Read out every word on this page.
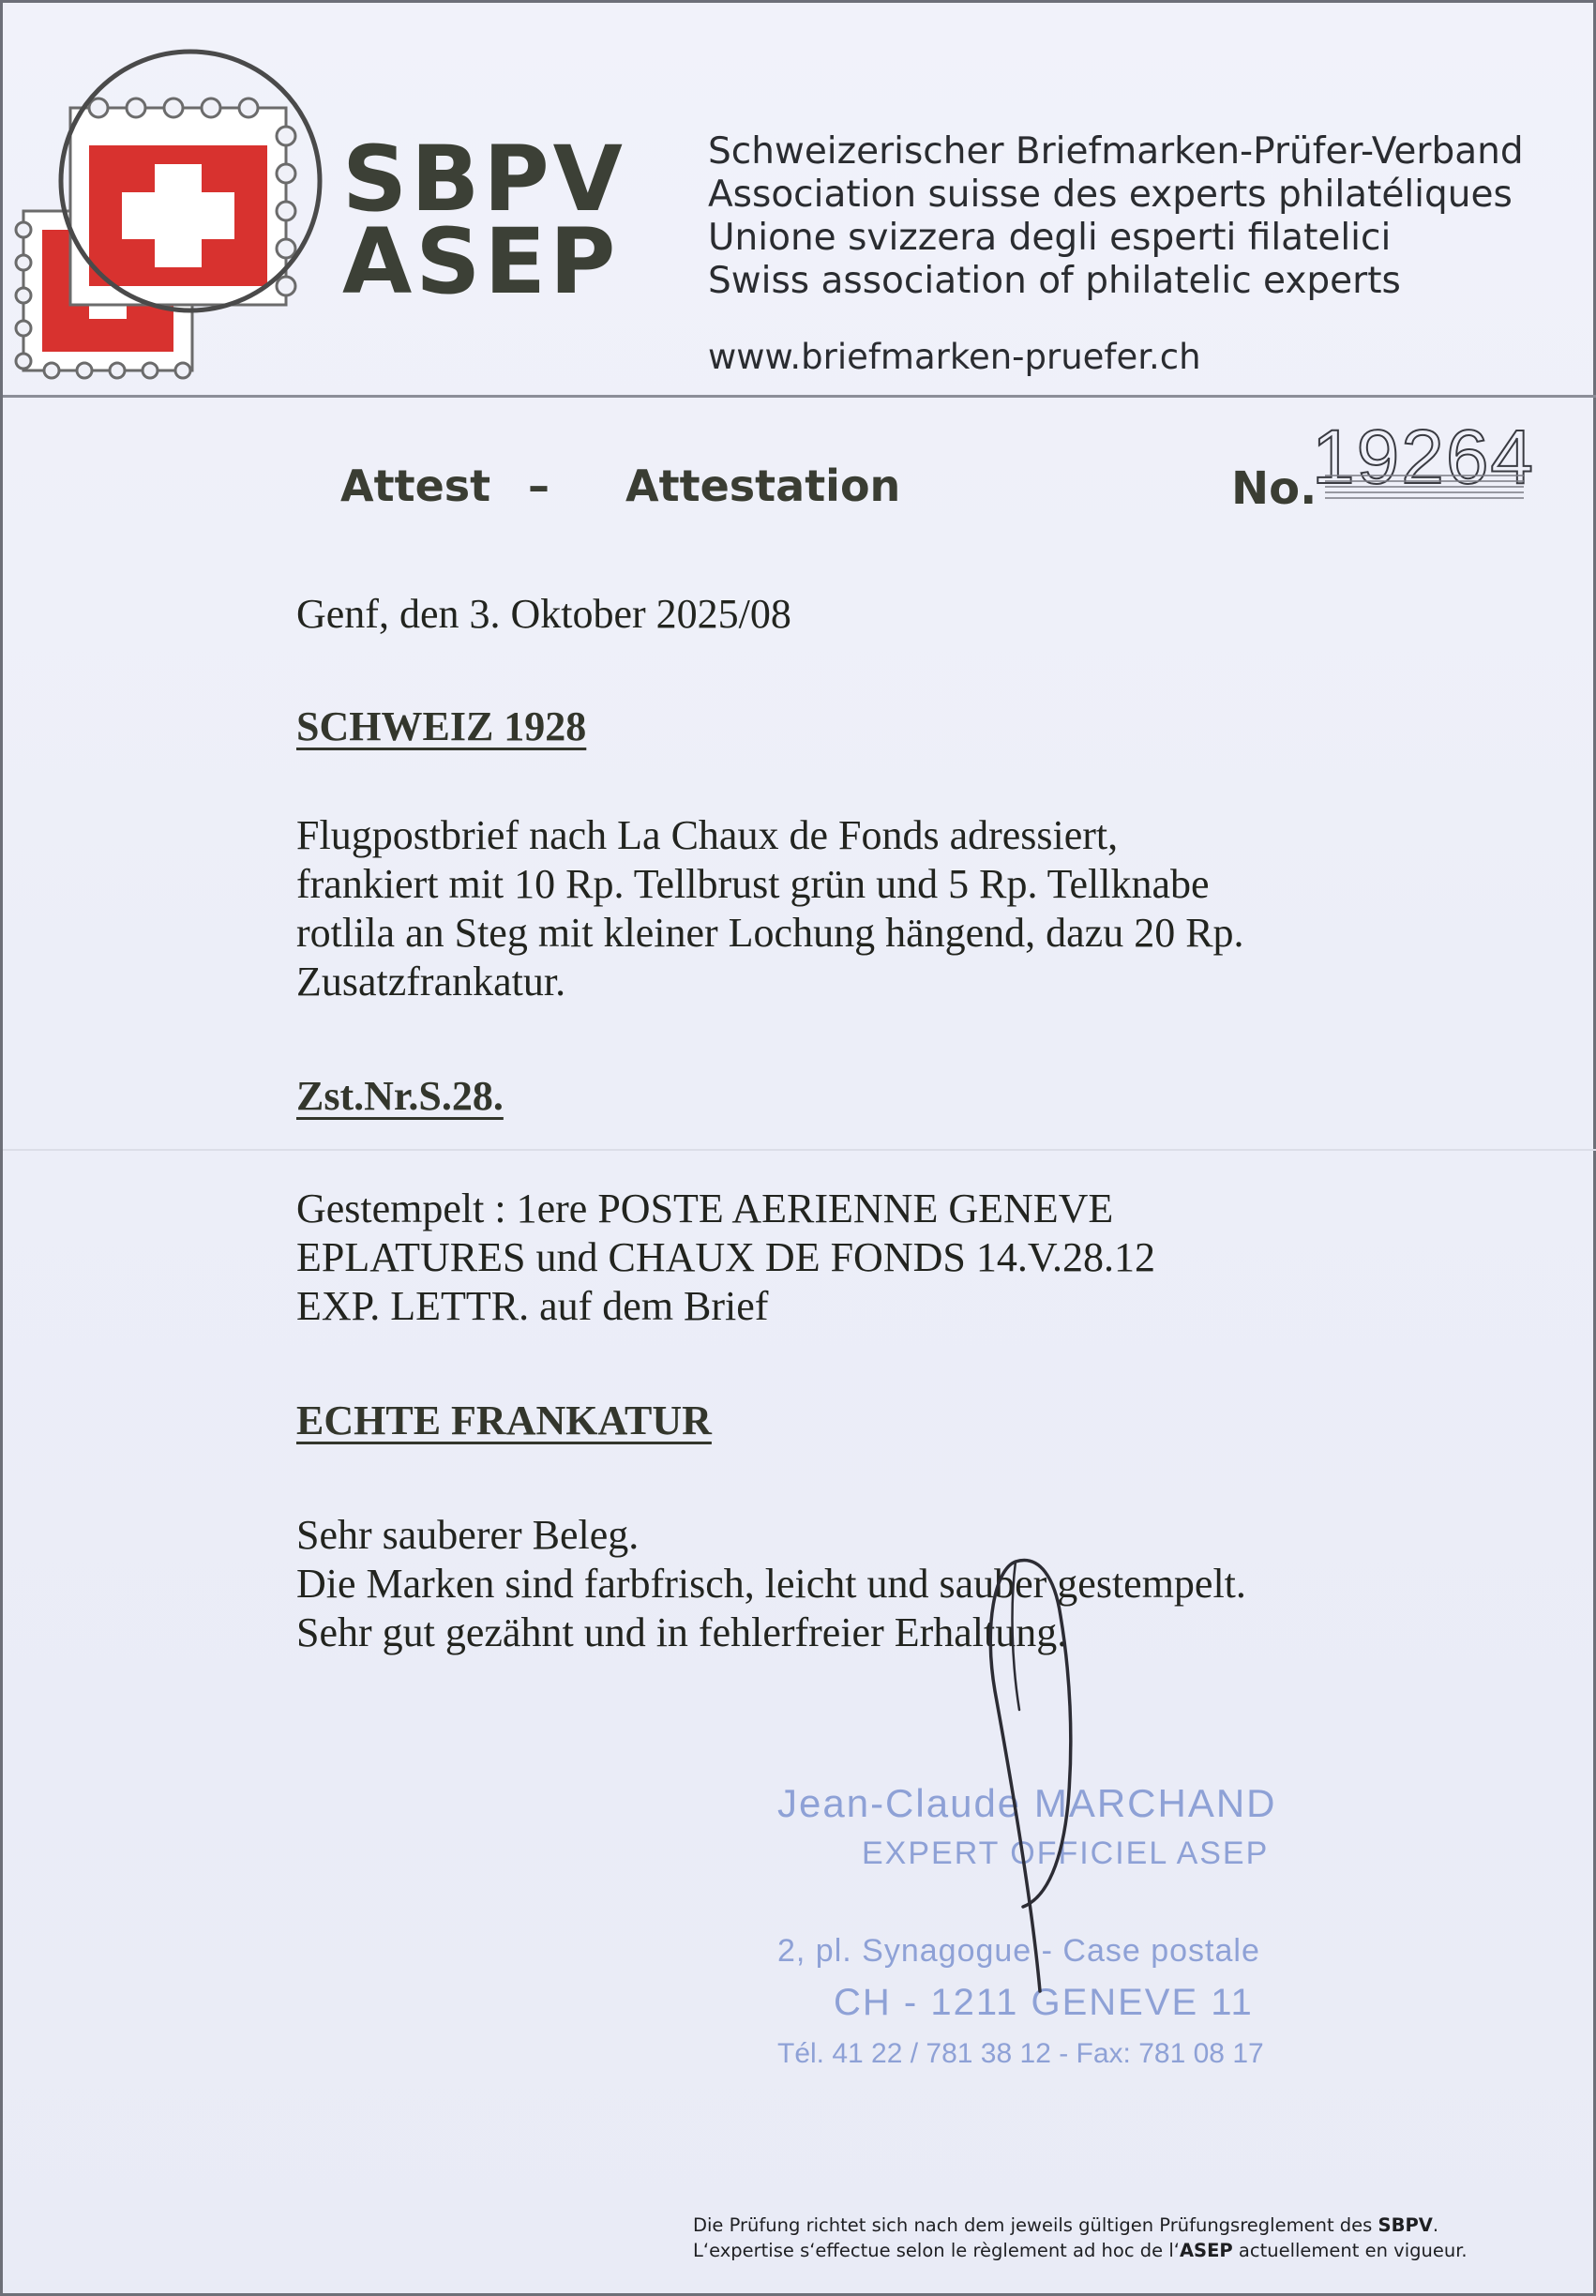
SBPV
ASEP
Schweizerischer Briefmarken-Prüfer-Verband
Association suisse des experts philatéliques
Unione svizzera degli esperti filatelici
Swiss association of philatelic experts
www.briefmarken-pruefer.ch
Attest – Attestation	No.
19264
Genf, den 3. Oktober 2025/08
SCHWEIZ 1928
Flugpostbrief nach La Chaux de Fonds adressiert,
frankiert mit 10 Rp. Tellbrust grün und 5 Rp. Tellknabe
rotlila an Steg mit kleiner Lochung hängend, dazu 20 Rp.
Zusatzfrankatur.
Zst.Nr.S.28.
Gestempelt : 1ere POSTE AERIENNE GENEVE
EPLATURES und CHAUX DE FONDS 14.V.28.12
EXP. LETTR. auf dem Brief
ECHTE FRANKATUR
Sehr sauberer Beleg.
Die Marken sind farbfrisch, leicht und sauber gestempelt.
Sehr gut gezähnt und in fehlerfreier Erhaltung.
Jean-Claude MARCHAND
EXPERT OFFICIEL ASEP
2, pl. Synagogue - Case postale
CH - 1211 GENEVE 11
Tél. 41 22 / 781 38 12 - Fax: 781 08 17
Die Prüfung richtet sich nach dem jeweils gültigen Prüfungsreglement des SBPV.
L‘expertise s‘effectue selon le règlement ad hoc de l‘ASEP actuellement en vigueur.
